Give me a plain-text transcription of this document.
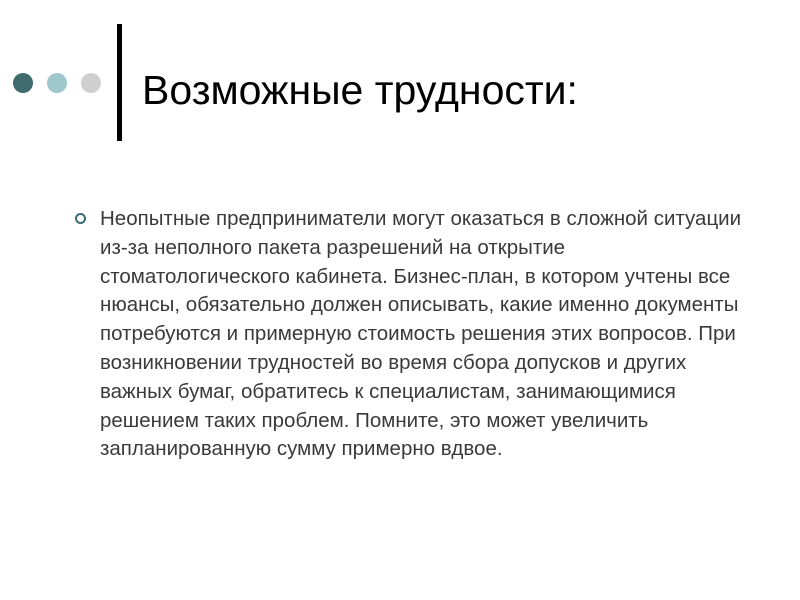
Возможные трудности:

Неопытные предприниматели могут оказаться в сложной ситуации из-за неполного пакета разрешений на открытие стоматологического кабинета. Бизнес-план, в котором учтены все нюансы, обязательно должен описывать, какие именно документы потребуются и примерную стоимость решения этих вопросов. При возникновении трудностей во время сбора допусков и других важных бумаг, обратитесь к специалистам, занимающимися решением таких проблем. Помните, это может увеличить запланированную сумму примерно вдвое.
